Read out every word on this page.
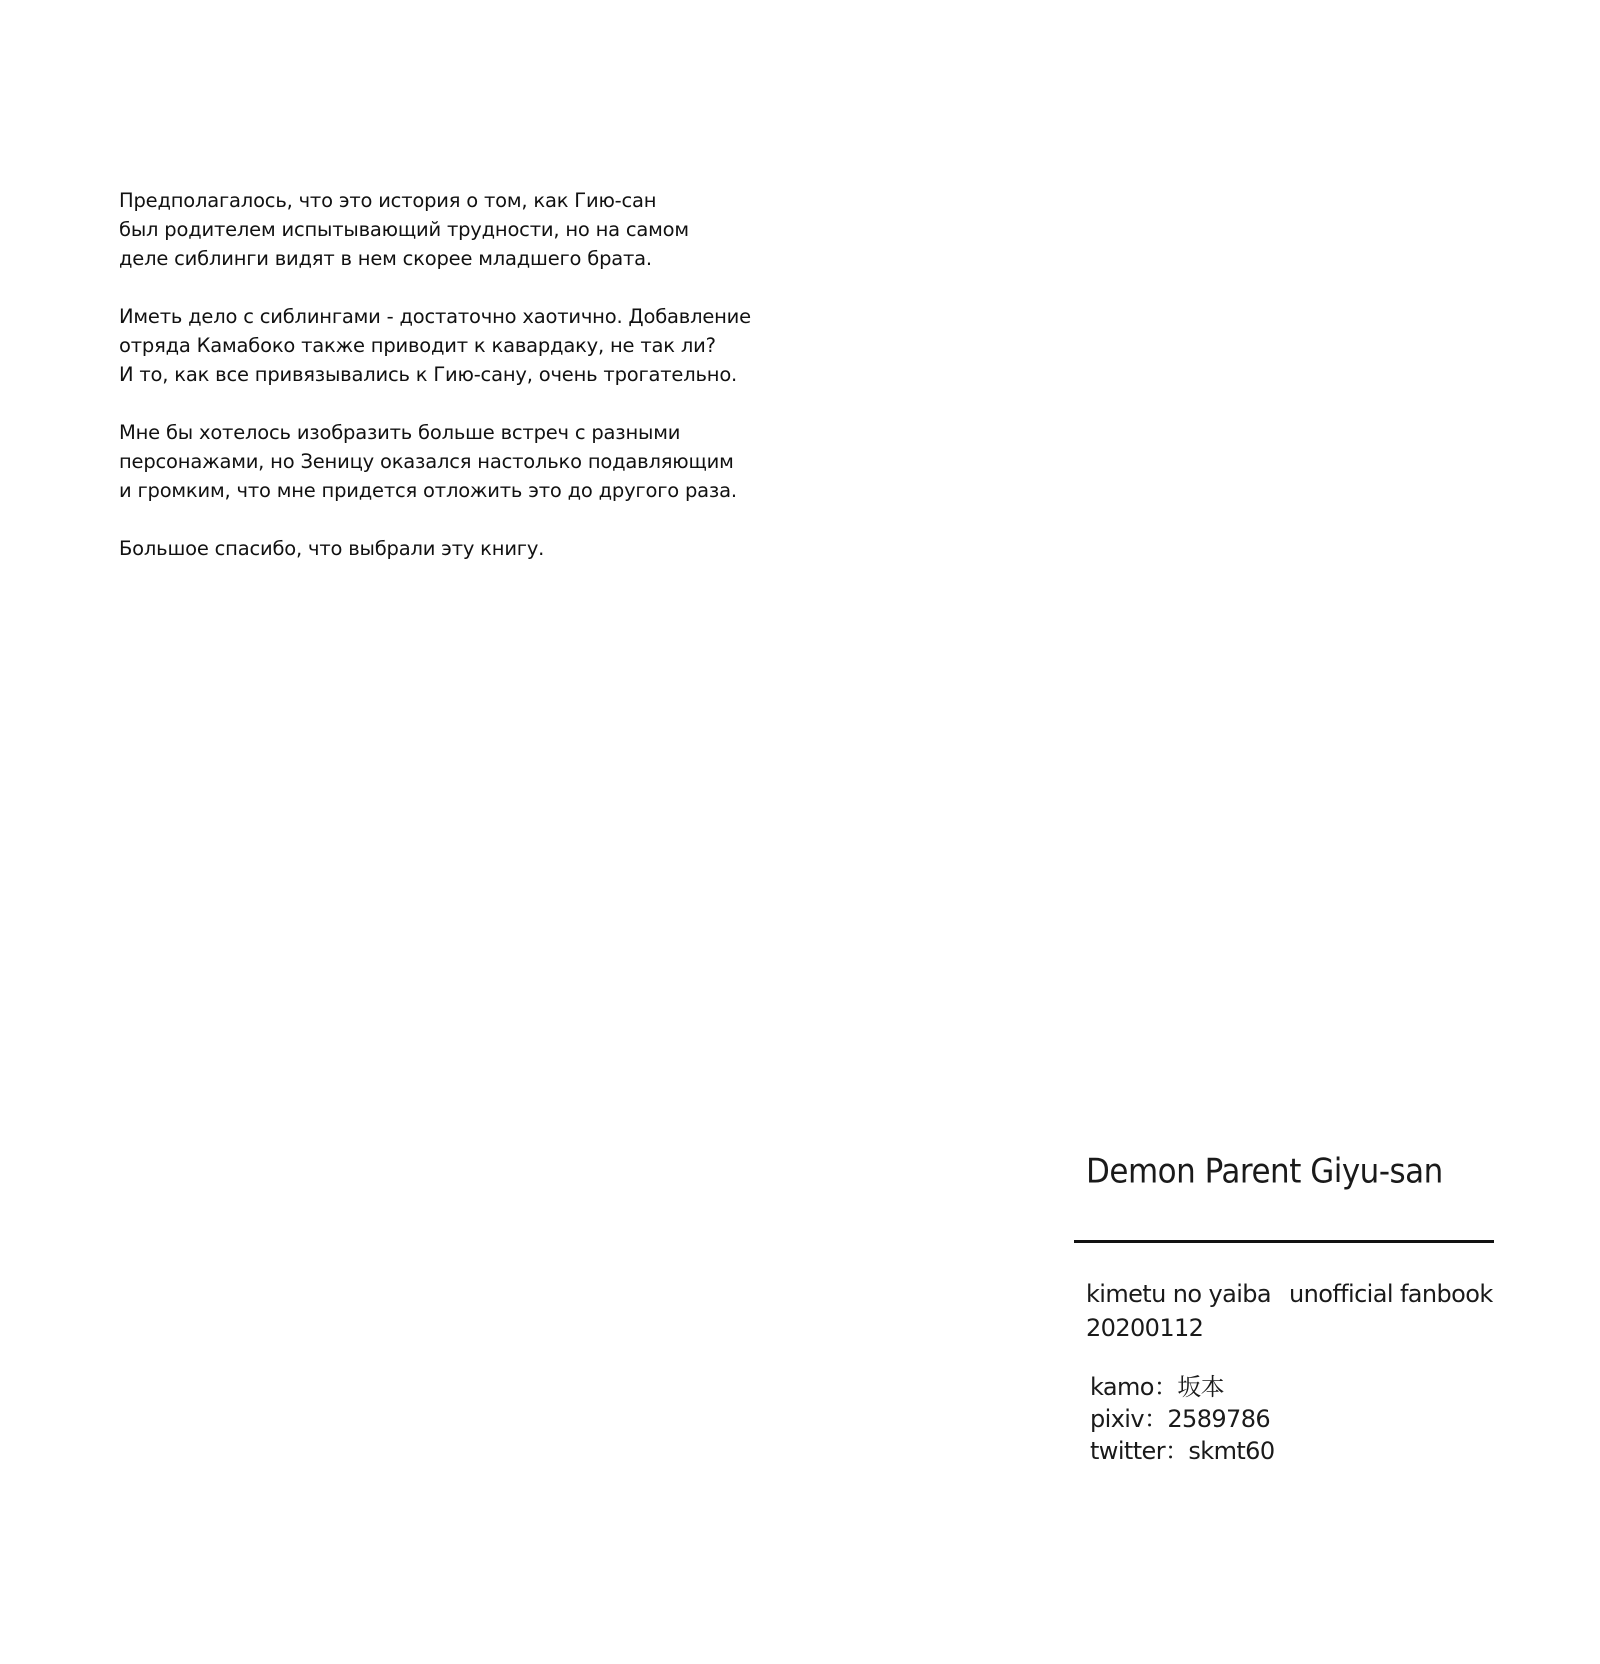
Предполагалось, что это история о том, как Гию-сан
был родителем испытывающий трудности, но на самом
деле сиблинги видят в нем скорее младшего брата.

Иметь дело с сиблингами - достаточно хаотично. Добавление
отряда Камабоко также приводит к кавардаку, не так ли?
И то, как все привязывались к Гию-сану, очень трогательно.

Мне бы хотелось изобразить больше встреч с разными
персонажами, но Зеницу оказался настолько подавляющим
и громким, что мне придется отложить это до другого раза.

Большое спасибо, что выбрали эту книгу.

Demon Parent Giyu-san
kimetu no yaiba unofficial fanbook
20200112
kamo：坂本
pixiv：2589786
twitter：skmt60
